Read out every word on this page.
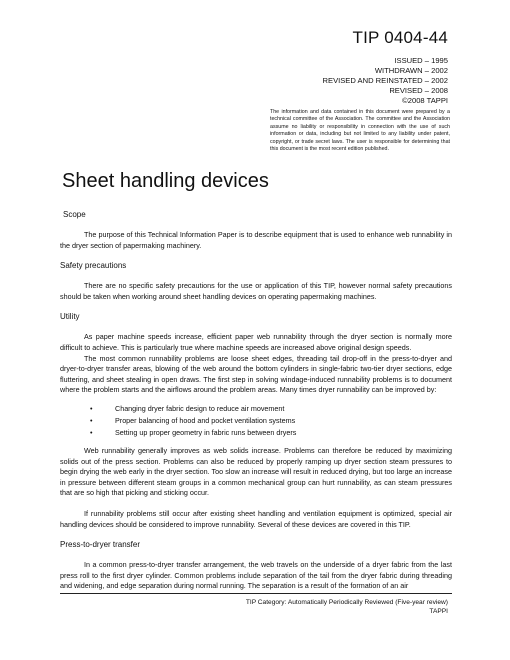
TIP 0404-44
ISSUED – 1995
WITHDRAWN – 2002
REVISED AND REINSTATED – 2002
REVISED – 2008
©2008 TAPPI
The information and data contained in this document were prepared by a technical committee of the Association. The committee and the Association assume no liability or responsibility in connection with the use of such information or data, including but not limited to any liability under patent, copyright, or trade secret laws. The user is responsible for determining that this document is the most recent edition published.
Sheet handling devices
Scope

The purpose of this Technical Information Paper is to describe equipment that is used to enhance web runnability in the dryer section of papermaking machinery.

Safety precautions

There are no specific safety precautions for the use or application of this TIP, however normal safety precautions should be taken when working around sheet handling devices on operating papermaking machines.

Utility

As paper machine speeds increase, efficient paper web runnability through the dryer section is normally more difficult to achieve. This is particularly true where machine speeds are increased above original design speeds.

The most common runnability problems are loose sheet edges, threading tail drop-off in the press-to-dryer and dryer-to-dryer transfer areas, blowing of the web around the bottom cylinders in single-fabric two-tier dryer sections, edge fluttering, and sheet stealing in open draws. The first step in solving windage-induced runnability problems is to document where the problem starts and the airflows around the problem areas. Many times dryer runnability can be improved by:

•	Changing dryer fabric design to reduce air movement
•	Proper balancing of hood and pocket ventilation systems
•	Setting up proper geometry in fabric runs between dryers

Web runnability generally improves as web solids increase. Problems can therefore be reduced by maximizing solids out of the press section. Problems can also be reduced by properly ramping up dryer section steam pressures to begin drying the web early in the dryer section. Too slow an increase will result in reduced drying, but too large an increase in pressure between different steam groups in a common mechanical group can hurt runnability, as can steam pressures that are so high that picking and sticking occur.

If runnability problems still occur after existing sheet handling and ventilation equipment is optimized, special air handling devices should be considered to improve runnability. Several of these devices are covered in this TIP.

Press-to-dryer transfer

In a common press-to-dryer transfer arrangement, the web travels on the underside of a dryer fabric from the last press roll to the first dryer cylinder. Common problems include separation of the tail from the dryer fabric during threading and widening, and edge separation during normal running. The separation is a result of the formation of an air

TIP Category: Automatically Periodically Reviewed (Five-year review)
TAPPI
